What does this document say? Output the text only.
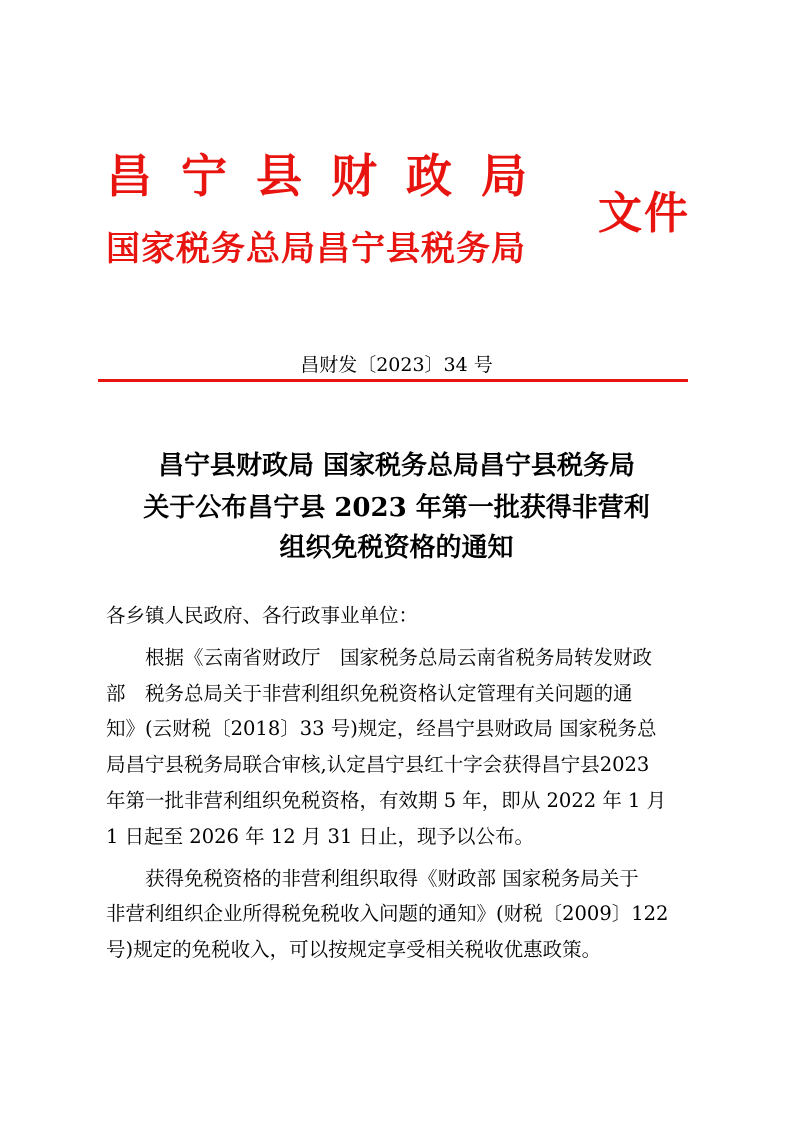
昌宁县财政局

国家税务总局昌宁县税务局

文件

昌财发〔2023〕34 号

昌宁县财政局 国家税务总局昌宁县税务局

关于公布昌宁县 2023 年第一批获得非营利

组织免税资格的通知

各乡镇人民政府、各行政事业单位：

　　根据《云南省财政厅　国家税务总局云南省税务局转发财政

部　税务总局关于非营利组织免税资格认定管理有关问题的通

知》(云财税〔2018〕33 号)规定，经昌宁县财政局 国家税务总

局昌宁县税务局联合审核,认定昌宁县红十字会获得昌宁县2023

年第一批非营利组织免税资格，有效期 5 年，即从 2022 年 1 月

1 日起至 2026 年 12 月 31 日止，现予以公布。

　　获得免税资格的非营利组织取得《财政部 国家税务局关于

非营利组织企业所得税免税收入问题的通知》(财税〔2009〕122

号)规定的免税收入，可以按规定享受相关税收优惠政策。
